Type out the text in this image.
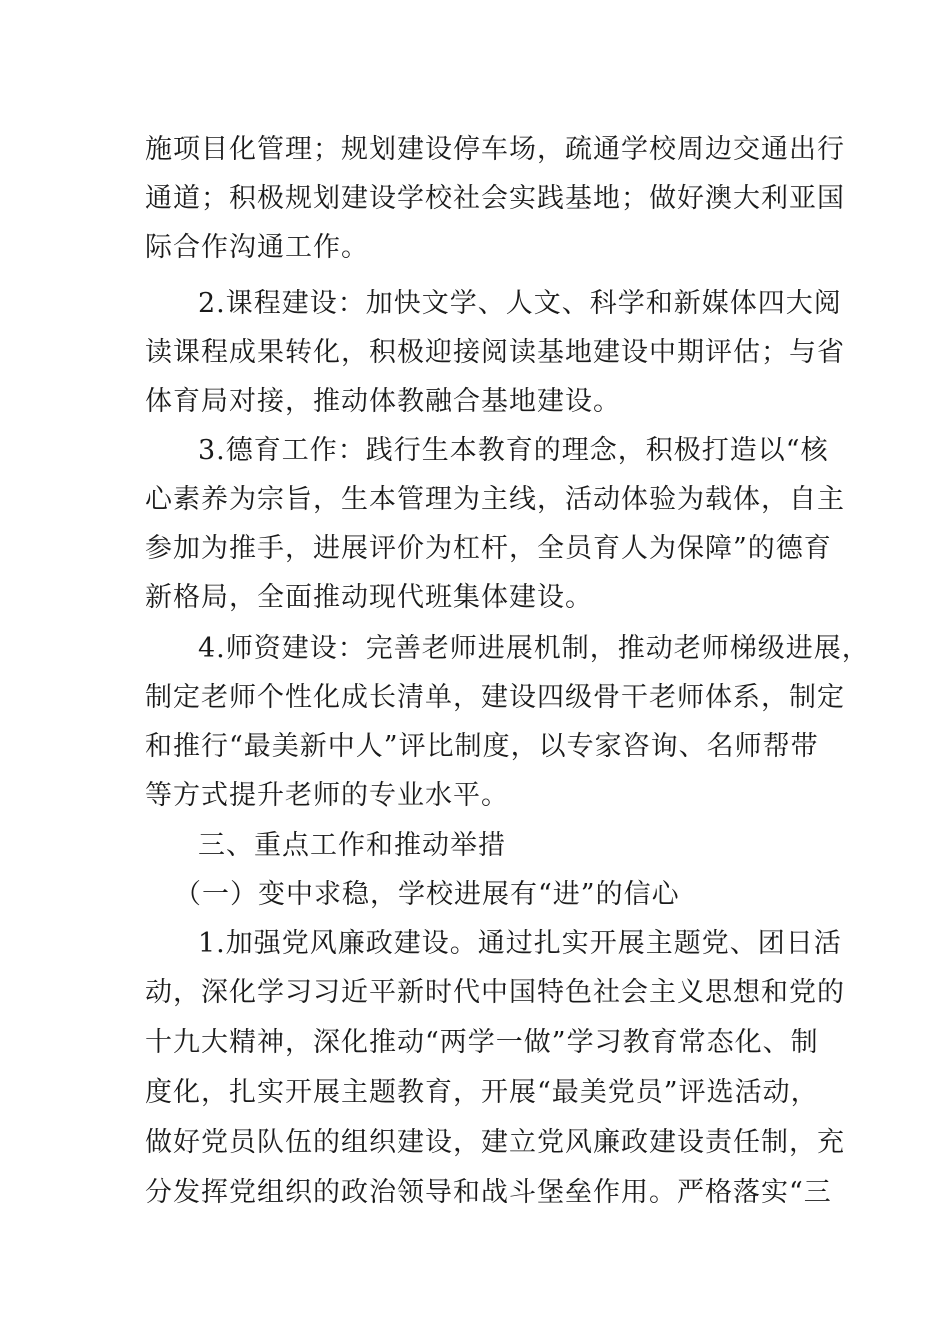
施项目化管理；规划建设停车场，疏通学校周边交通出行
通道；积极规划建设学校社会实践基地；做好澳大利亚国
际合作沟通工作。
2.课程建设：加快文学、人文、科学和新媒体四大阅
读课程成果转化，积极迎接阅读基地建设中期评估；与省
体育局对接，推动体教融合基地建设。
3.德育工作：践行生本教育的理念，积极打造以“核
心素养为宗旨，生本管理为主线，活动体验为载体，自主
参加为推手，进展评价为杠杆，全员育人为保障”的德育
新格局，全面推动现代班集体建设。
4.师资建设：完善老师进展机制，推动老师梯级进展，
制定老师个性化成长清单，建设四级骨干老师体系，制定
和推行“最美新中人”评比制度，以专家咨询、名师帮带
等方式提升老师的专业水平。
三、重点工作和推动举措
（一）变中求稳，学校进展有“进”的信心
1.加强党风廉政建设。通过扎实开展主题党、团日活
动，深化学习习近平新时代中国特色社会主义思想和党的
十九大精神，深化推动“两学一做”学习教育常态化、制
度化，扎实开展主题教育，开展“最美党员”评选活动，
做好党员队伍的组织建设，建立党风廉政建设责任制，充
分发挥党组织的政治领导和战斗堡垒作用。严格落实“三
